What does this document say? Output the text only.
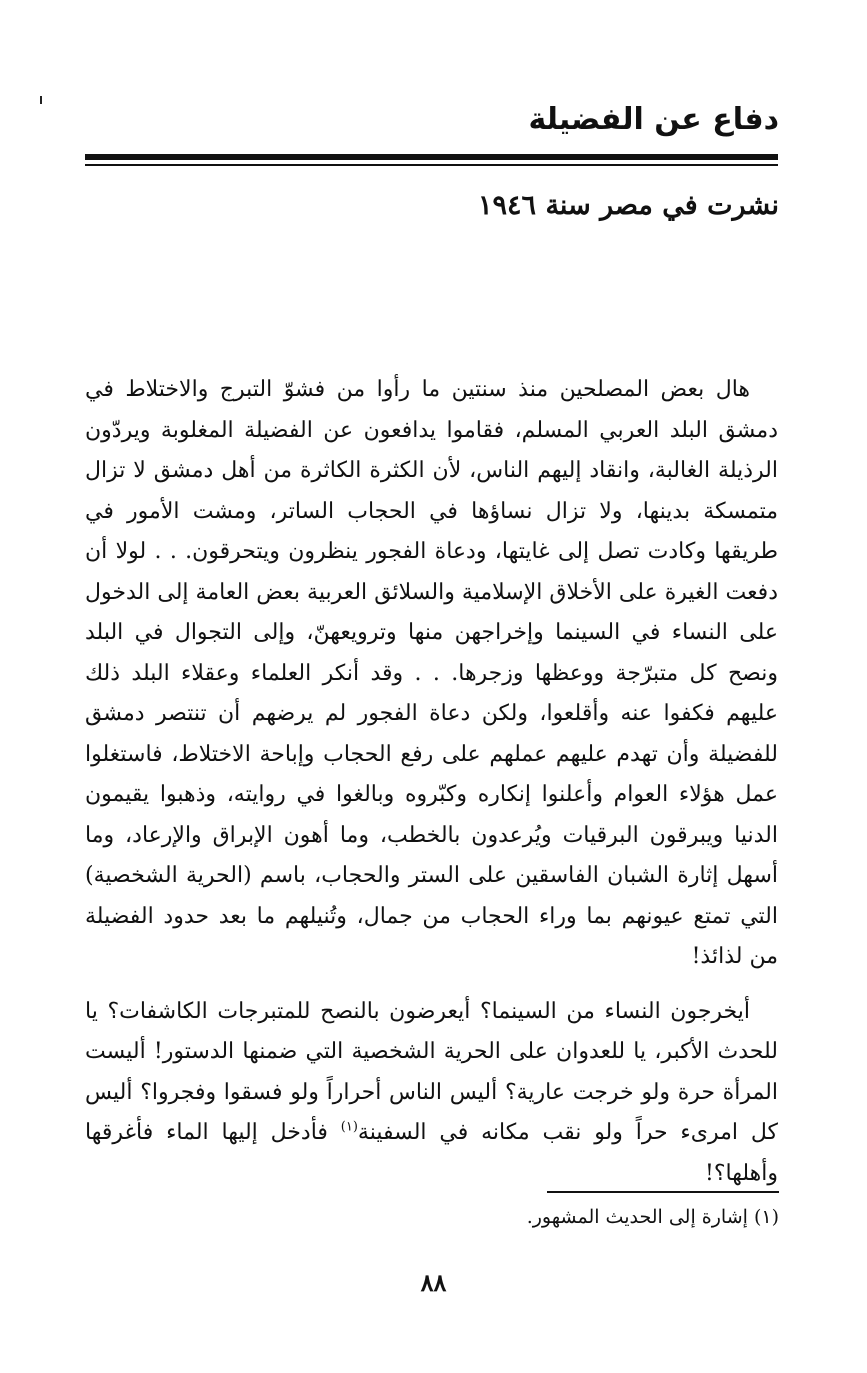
دفاع عن الفضيلة
نشرت في مصر سنة ١٩٤٦

هال بعض المصلحين منذ سنتين ما رأوا من فشوّ التبرج والاختلاط في دمشق البلد العربي المسلم، فقاموا يدافعون عن الفضيلة المغلوبة ويردّون الرذيلة الغالبة، وانقاد إليهم الناس، لأن الكثرة الكاثرة من أهل دمشق لا تزال متمسكة بدينها، ولا تزال نساؤها في الحجاب الساتر، ومشت الأمور في طريقها وكادت تصل إلى غايتها، ودعاة الفجور ينظرون ويتحرقون. . . لولا أن دفعت الغيرة على الأخلاق الإسلامية والسلائق العربية بعض العامة إلى الدخول على النساء في السينما وإخراجهن منها وترويعهنّ، وإلى التجوال في البلد ونصح كل متبرّجة ووعظها وزجرها. . . وقد أنكر العلماء وعقلاء البلد ذلك عليهم فكفوا عنه وأقلعوا، ولكن دعاة الفجور لم يرضهم أن تنتصر دمشق للفضيلة وأن تهدم عليهم عملهم على رفع الحجاب وإباحة الاختلاط، فاستغلوا عمل هؤلاء العوام وأعلنوا إنكاره وكبّروه وبالغوا في روايته، وذهبوا يقيمون الدنيا ويبرقون البرقيات ويُرعدون بالخطب، وما أهون الإبراق والإرعاد، وما أسهل إثارة الشبان الفاسقين على الستر والحجاب، باسم (الحرية الشخصية) التي تمتع عيونهم بما وراء الحجاب من جمال، وتُنيلهم ما بعد حدود الفضيلة من لذائذ!

أيخرجون النساء من السينما؟ أيعرضون بالنصح للمتبرجات الكاشفات؟ يا للحدث الأكبر، يا للعدوان على الحرية الشخصية التي ضمنها الدستور! أليست المرأة حرة ولو خرجت عارية؟ أليس الناس أحراراً ولو فسقوا وفجروا؟ أليس كل امرىء حراً ولو نقب مكانه في السفينة$^{(١)}$ فأدخل إليها الماء فأغرقها وأهلها؟!

(١) إشارة إلى الحديث المشهور.
٨٨
